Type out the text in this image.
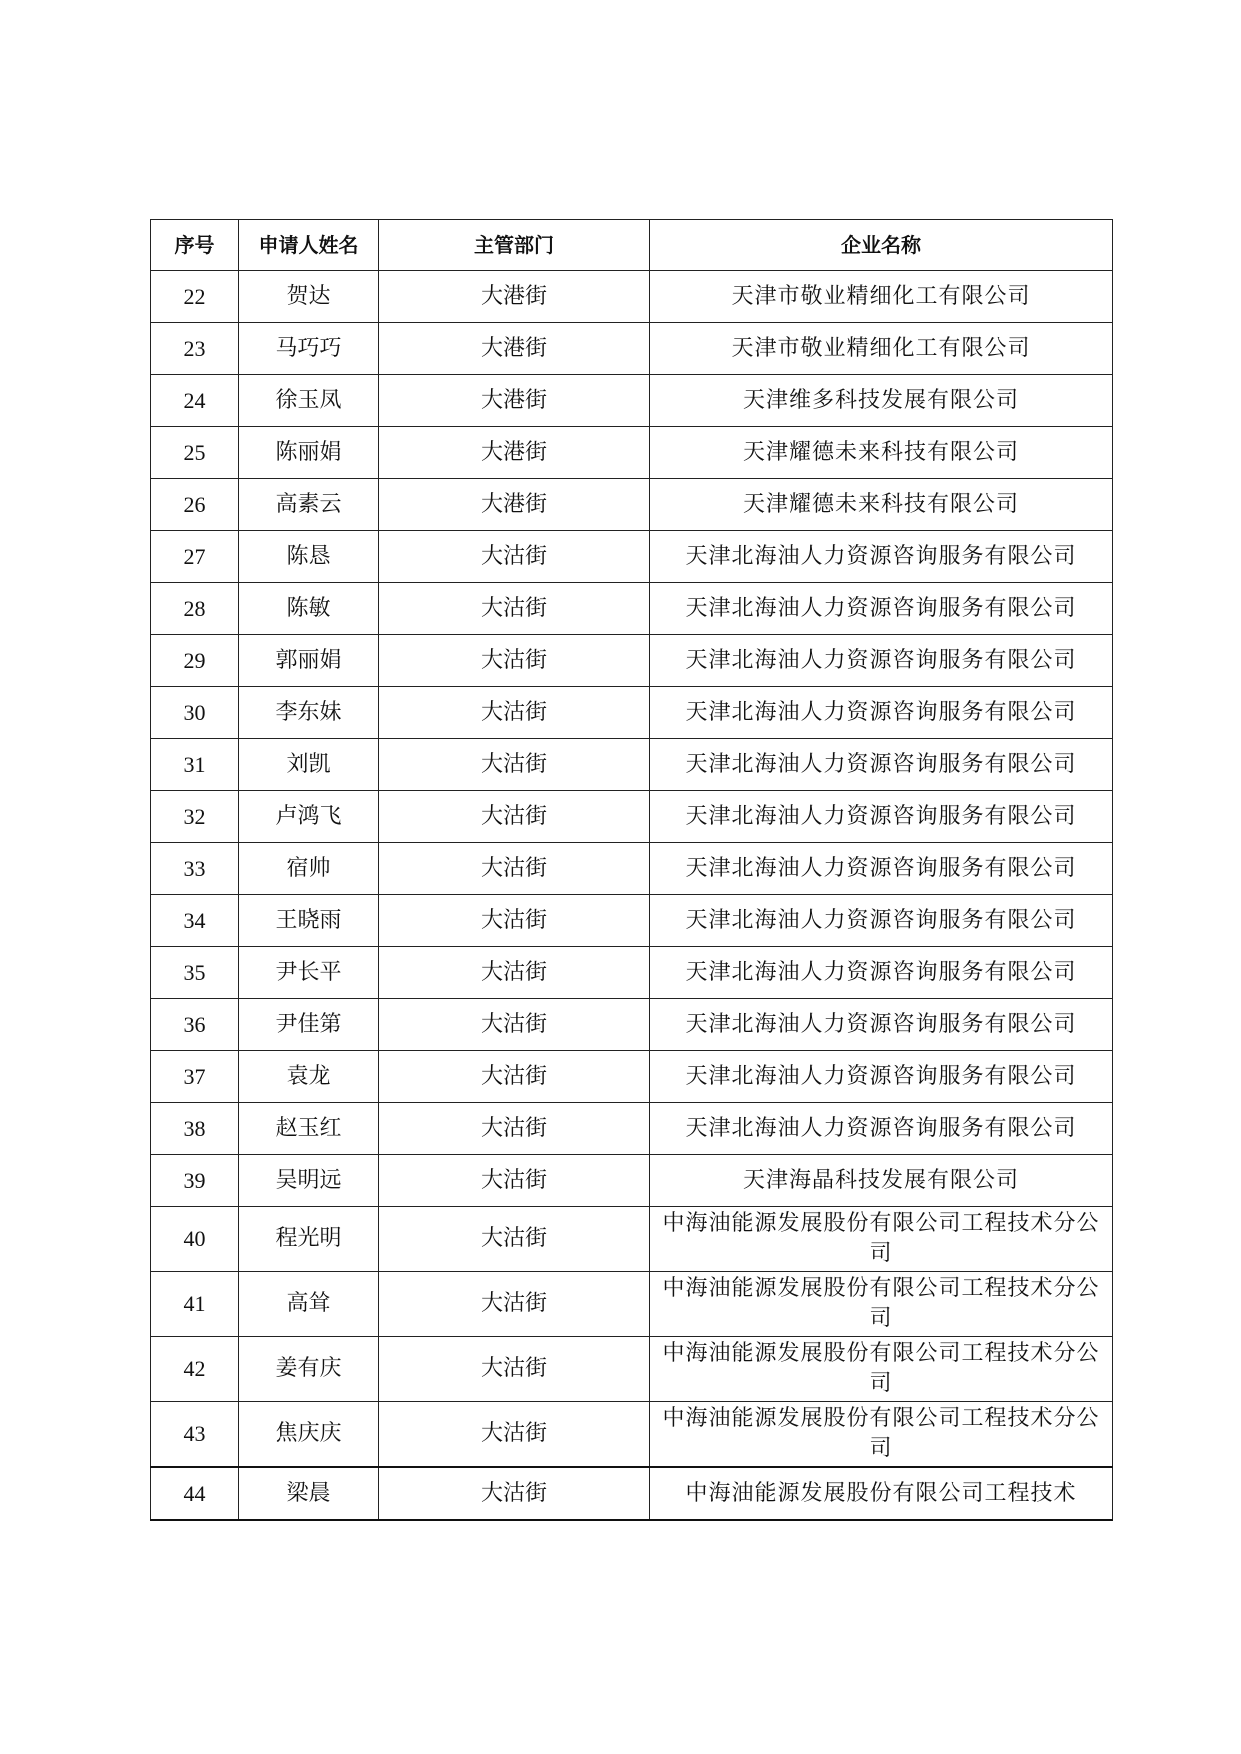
序号	申请人姓名	主管部门	企业名称
22	贺达	大港街	天津市敬业精细化工有限公司
23	马巧巧	大港街	天津市敬业精细化工有限公司
24	徐玉凤	大港街	天津维多科技发展有限公司
25	陈丽娟	大港街	天津耀德未来科技有限公司
26	高素云	大港街	天津耀德未来科技有限公司
27	陈恳	大沽街	天津北海油人力资源咨询服务有限公司
28	陈敏	大沽街	天津北海油人力资源咨询服务有限公司
29	郭丽娟	大沽街	天津北海油人力资源咨询服务有限公司
30	李东妹	大沽街	天津北海油人力资源咨询服务有限公司
31	刘凯	大沽街	天津北海油人力资源咨询服务有限公司
32	卢鸿飞	大沽街	天津北海油人力资源咨询服务有限公司
33	宿帅	大沽街	天津北海油人力资源咨询服务有限公司
34	王晓雨	大沽街	天津北海油人力资源咨询服务有限公司
35	尹长平	大沽街	天津北海油人力资源咨询服务有限公司
36	尹佳第	大沽街	天津北海油人力资源咨询服务有限公司
37	袁龙	大沽街	天津北海油人力资源咨询服务有限公司
38	赵玉红	大沽街	天津北海油人力资源咨询服务有限公司
39	吴明远	大沽街	天津海晶科技发展有限公司
40	程光明	大沽街	中海油能源发展股份有限公司工程技术分公司
41	高耸	大沽街	中海油能源发展股份有限公司工程技术分公司
42	姜有庆	大沽街	中海油能源发展股份有限公司工程技术分公司
43	焦庆庆	大沽街	中海油能源发展股份有限公司工程技术分公司
44	梁晨	大沽街	中海油能源发展股份有限公司工程技术
